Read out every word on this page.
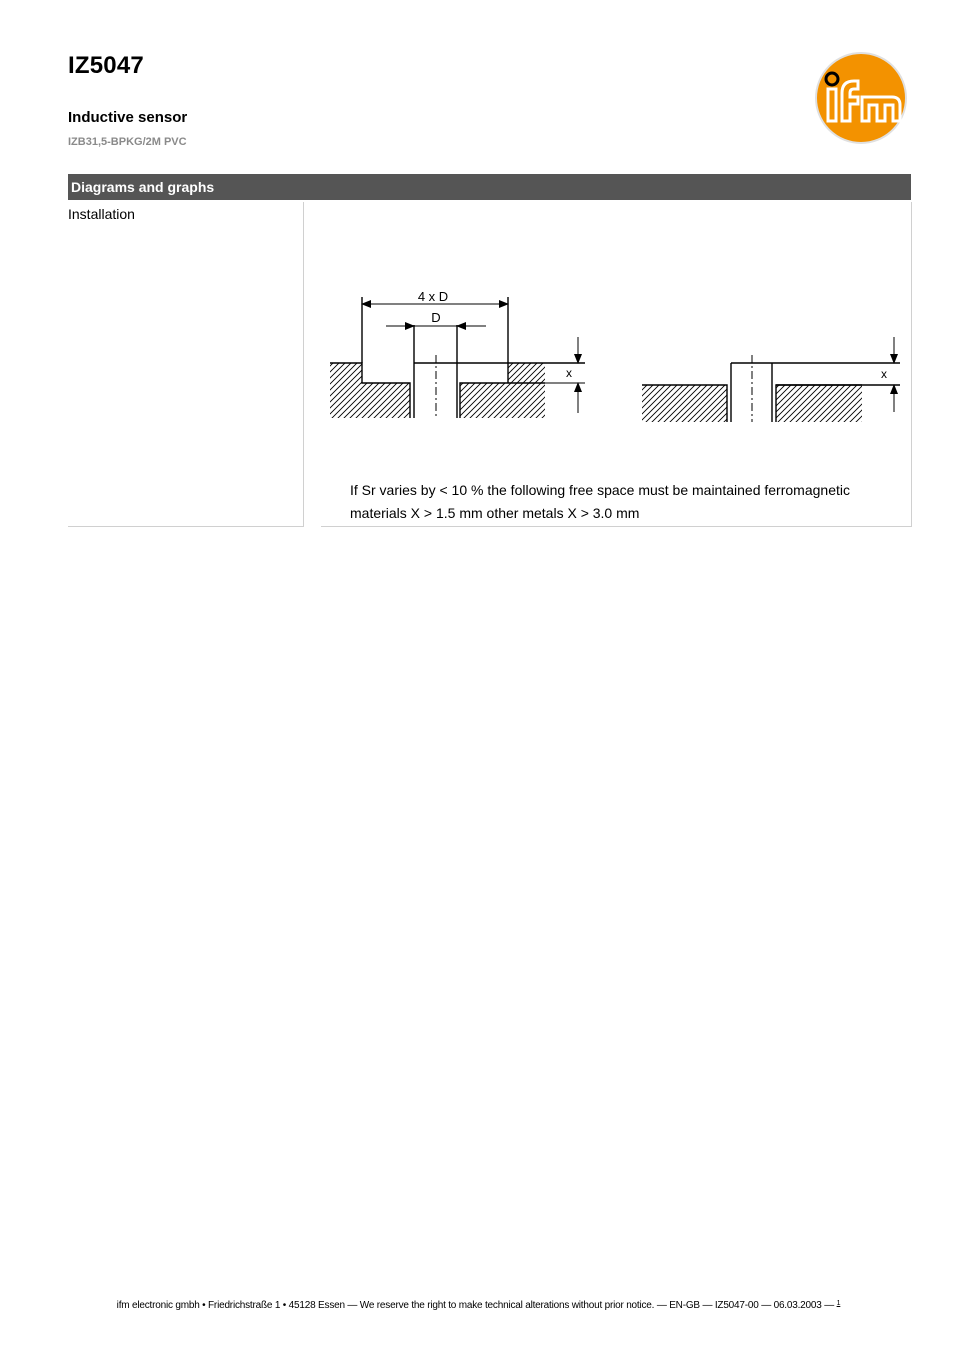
IZ5047
Inductive sensor
IZB31,5-BPKG/2M PVC
Diagrams and graphs
Installation
4 x D
D
x	x
If Sr varies by < 10 % the following free space must be maintained ferromagnetic materials X > 1.5 mm other metals X > 3.0 mm
ifm electronic gmbh • Friedrichstraße 1 • 45128 Essen — We reserve the right to make technical alterations without prior notice. — EN-GB — IZ5047-00 — 06.03.2003 — $^1$
